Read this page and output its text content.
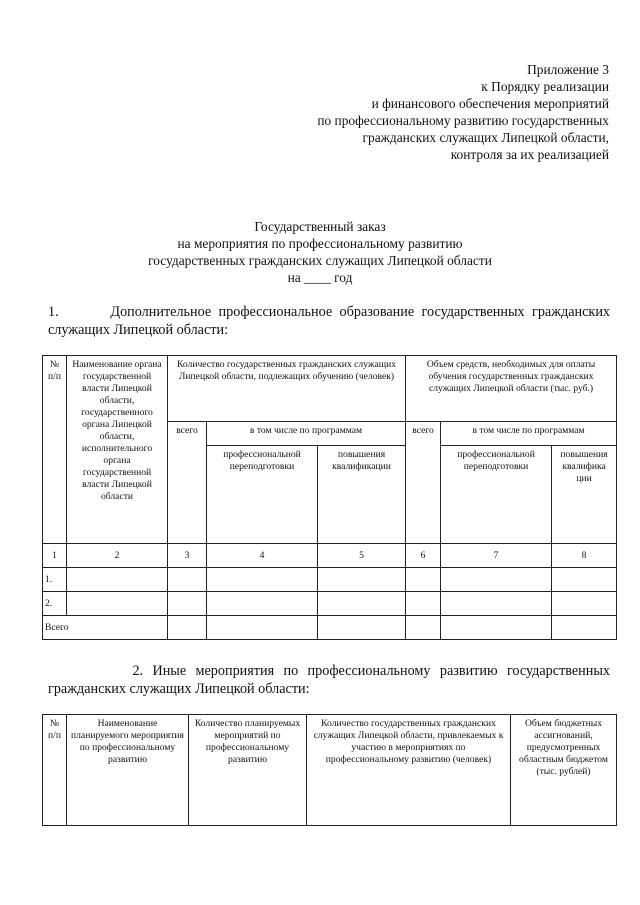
Приложение 3
к Порядку реализации
и финансового обеспечения мероприятий
по профессиональному развитию государственных
гражданских служащих Липецкой области,
контроля за их реализацией
Государственный заказ
на мероприятия по профессиональному развитию
государственных гражданских служащих Липецкой области
на ____ год
1.	Дополнительное профессиональное образование государственных гражданских
служащих Липецкой области:
№ п/п	Наименование органа государственной власти Липецкой области, государственного органа Липецкой области, исполнительного органа государственной власти Липецкой области	Количество государственных гражданских служащих Липецкой области, подлежащих обучению (человек)			Объем средств, необходимых для оплаты обучения государственных гражданских служащих Липецкой области (тыс. руб.)		
		всего	в том числе по программам		всего	в том числе по программам	
			профессиональной переподготовки	повышения квалификации		профессиональной переподготовки	повышения квалифика ции
1	2	3	4	5	6	7	8
1.							
2.							
Всего							
2. Иные мероприятия по профессиональному развитию государственных
гражданских служащих Липецкой области:
№ п/п	Наименование планируемого мероприятия по профессиональному развитию	Количество планируемых мероприятий по профессиональному развитию	Количество государственных гражданских служащих Липецкой области, привлекаемых к участию в мероприятиях по профессиональному развитию (человек)	Объем бюджетных ассигнований, предусмотренных областным бюджетом (тыс. рублей)
